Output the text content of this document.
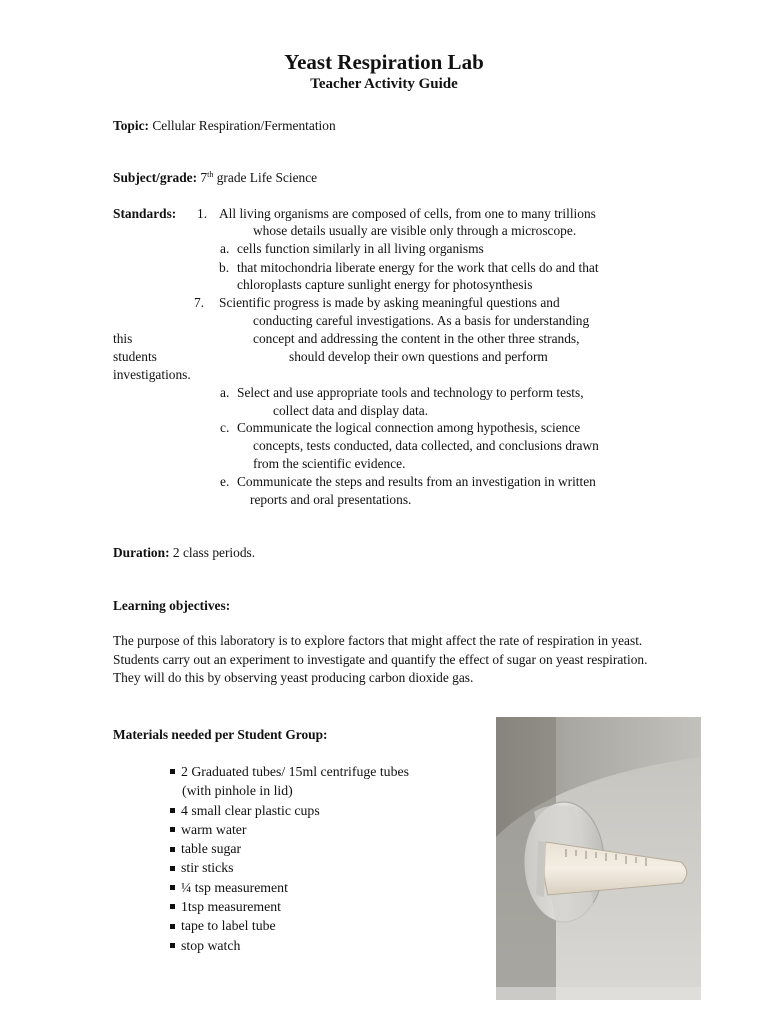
Yeast Respiration Lab
Teacher Activity Guide
Topic: Cellular Respiration/Fermentation
Subject/grade: 7th grade Life Science
Standards: 1. All living organisms are composed of cells, from one to many trillions
whose details usually are visible only through a microscope.
a. cells function similarly in all living organisms
b. that mitochondria liberate energy for the work that cells do and that
chloroplasts capture sunlight energy for photosynthesis
7. Scientific progress is made by asking meaningful questions and
conducting careful investigations. As a basis for understanding
this	concept and addressing the content in the other three strands,
students	should develop their own questions and perform
investigations.
a. Select and use appropriate tools and technology to perform tests,
collect data and display data.
c. Communicate the logical connection among hypothesis, science
concepts, tests conducted, data collected, and conclusions drawn
from the scientific evidence.
e. Communicate the steps and results from an investigation in written
reports and oral presentations.
Duration: 2 class periods.
Learning objectives:
The purpose of this laboratory is to explore factors that might affect the rate of respiration in yeast. Students carry out an experiment to investigate and quantify the effect of sugar on yeast respiration. They will do this by observing yeast producing carbon dioxide gas.
Materials needed per Student Group:
2 Graduated tubes/ 15ml centrifuge tubes
(with pinhole in lid)
4 small clear plastic cups
warm water
table sugar
stir sticks
¼ tsp measurement
1tsp measurement
tape to label tube
stop watch
